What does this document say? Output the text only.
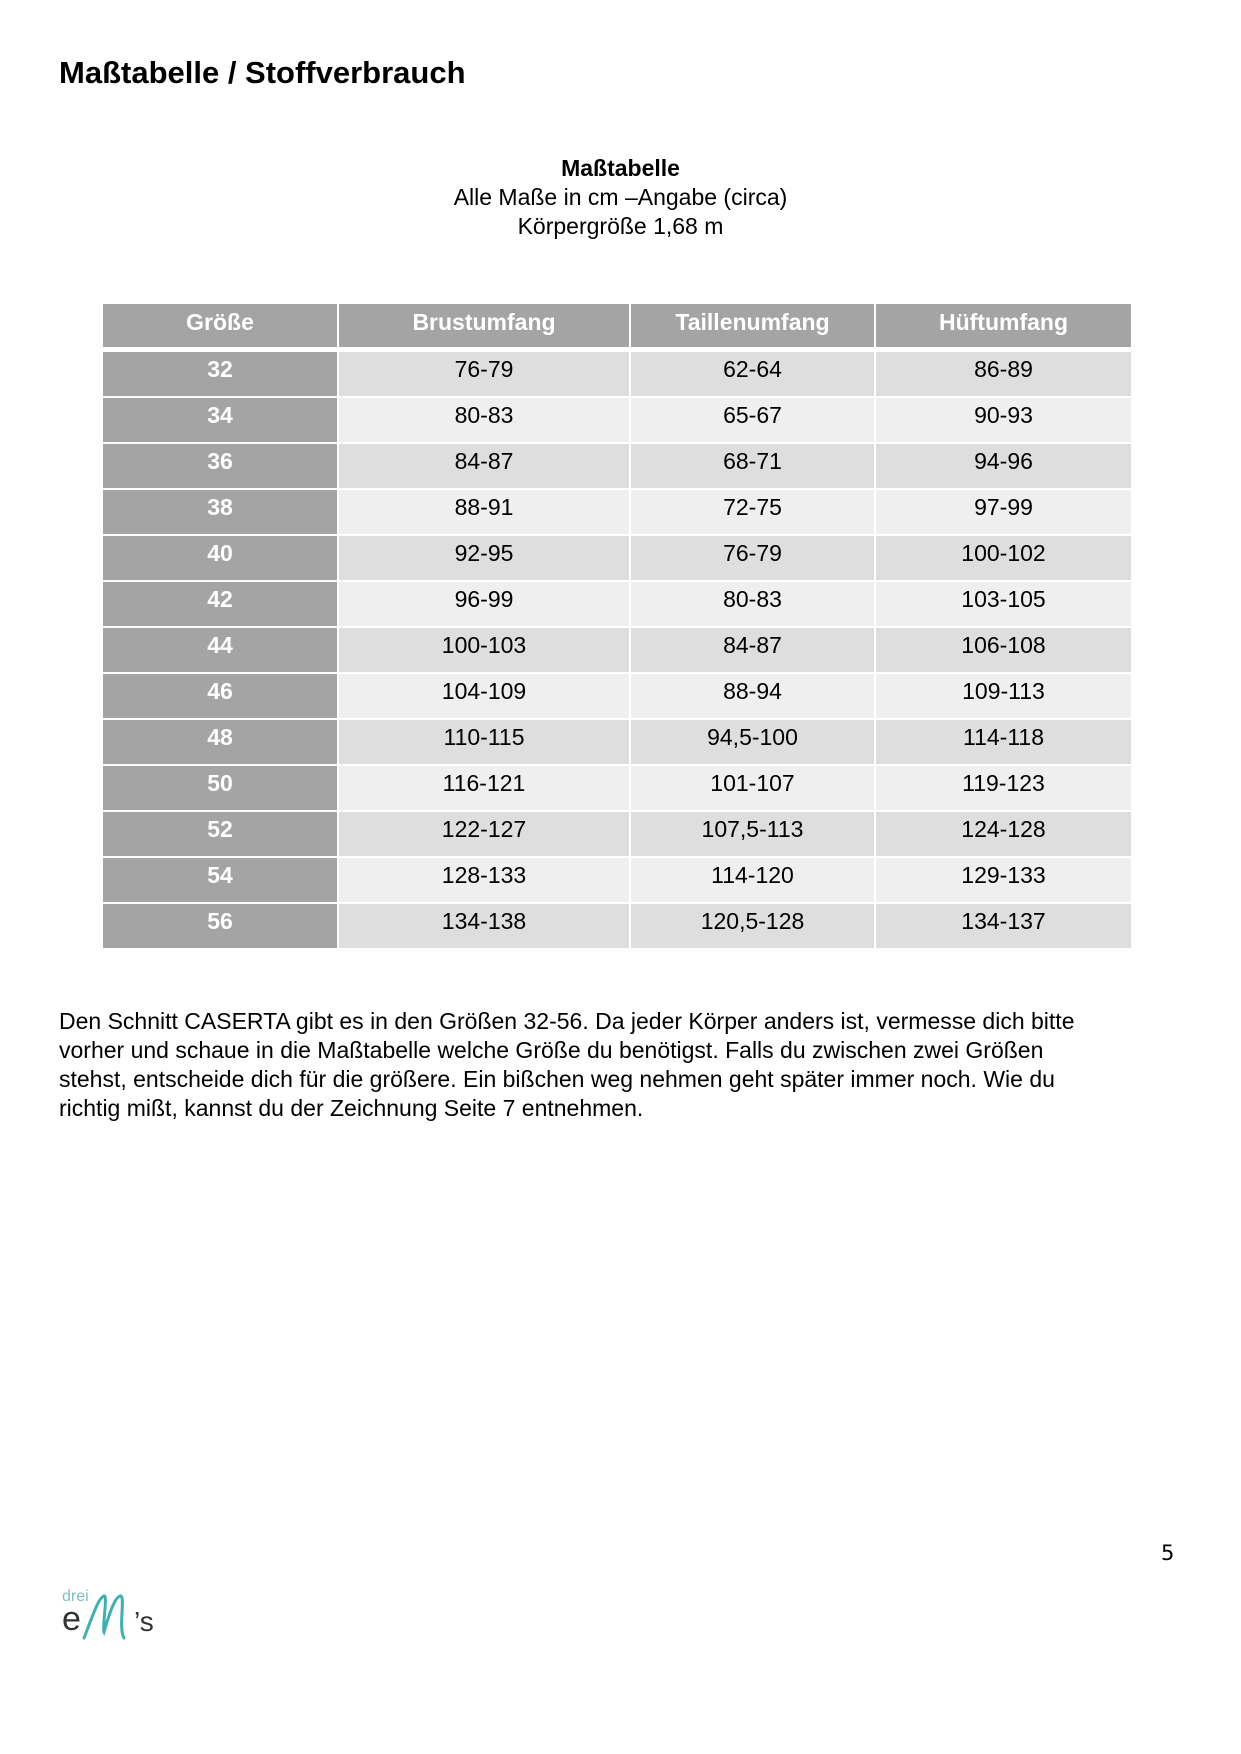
Maßtabelle / Stoffverbrauch
Maßtabelle
Alle Maße in cm –Angabe (circa)
Körpergröße 1,68 m
Größe	Brustumfang	Taillenumfang	Hüftumfang
32	76-79	62-64	86-89
34	80-83	65-67	90-93
36	84-87	68-71	94-96
38	88-91	72-75	97-99
40	92-95	76-79	100-102
42	96-99	80-83	103-105
44	100-103	84-87	106-108
46	104-109	88-94	109-113
48	110-115	94,5-100	114-118
50	116-121	101-107	119-123
52	122-127	107,5-113	124-128
54	128-133	114-120	129-133
56	134-138	120,5-128	134-137
Den Schnitt CASERTA gibt es in den Größen 32-56. Da jeder Körper anders ist, vermesse dich bitte
vorher und schaue in die Maßtabelle welche Größe du benötigst. Falls du zwischen zwei Größen
stehst, entscheide dich für die größere. Ein bißchen weg nehmen geht später immer noch. Wie du
richtig mißt, kannst du der Zeichnung Seite 7 entnehmen.
5
drei
e ’s
